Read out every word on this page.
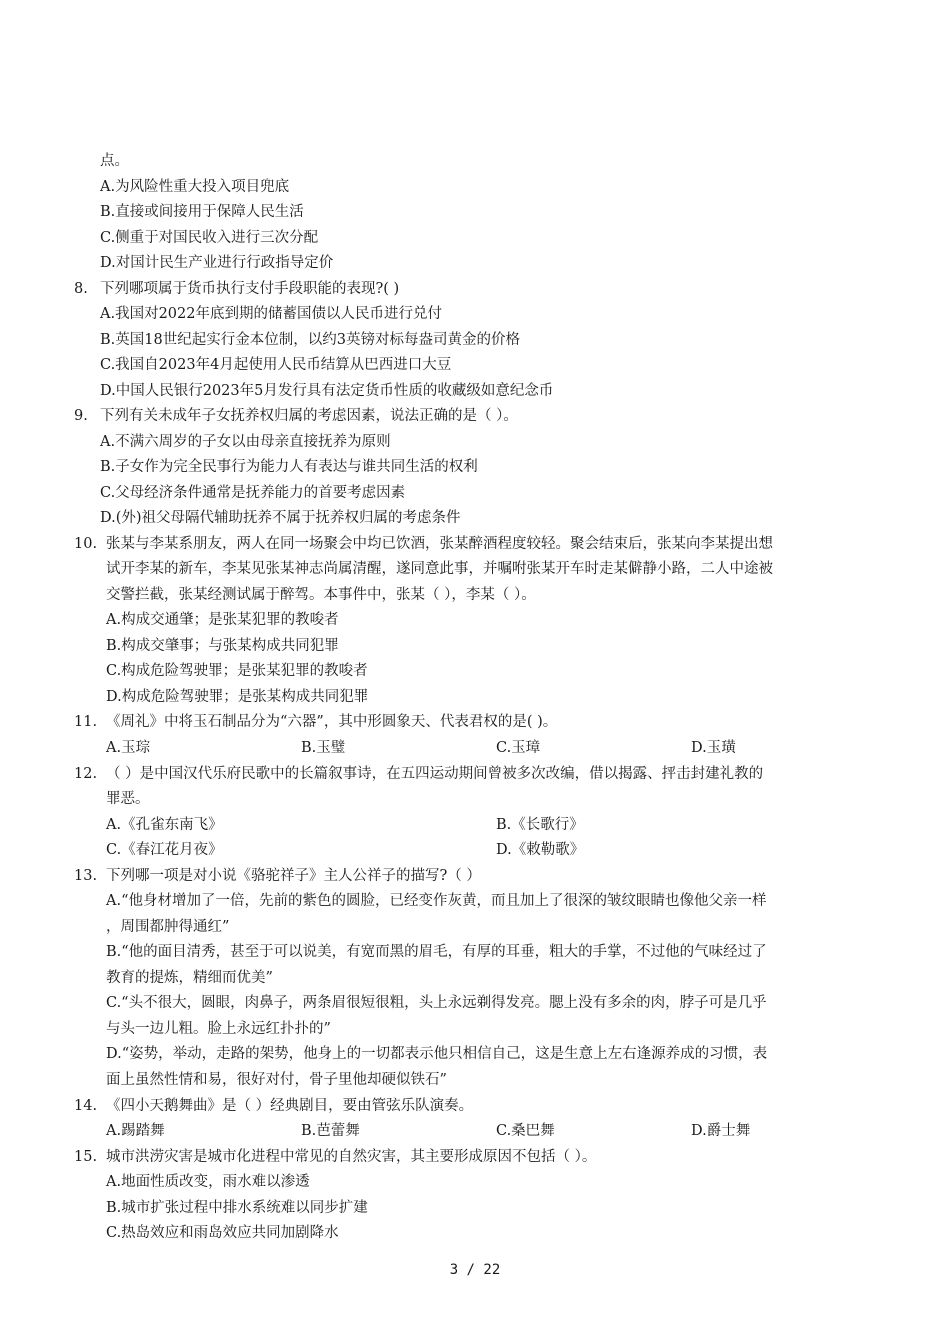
点。
A.为风险性重大投入项目兜底
B.直接或间接用于保障人民生活
C.侧重于对国民收入进行三次分配
D.对国计民生产业进行行政指导定价
8. 下列哪项属于货币执行支付手段职能的表现?( )
A.我国对2022年底到期的储蓄国债以人民币进行兑付
B.英国18世纪起实行金本位制，以约3英镑对标每盎司黄金的价格
C.我国自2023年4月起使用人民币结算从巴西进口大豆
D.中国人民银行2023年5月发行具有法定货币性质的收藏级如意纪念币
9. 下列有关未成年子女抚养权归属的考虑因素，说法正确的是（ ）。
A.不满六周岁的子女以由母亲直接抚养为原则
B.子女作为完全民事行为能力人有表达与谁共同生活的权利
C.父母经济条件通常是抚养能力的首要考虑因素
D.(外)祖父母隔代辅助抚养不属于抚养权归属的考虑条件
10. 张某与李某系朋友，两人在同一场聚会中均已饮酒，张某醉酒程度较轻。聚会结束后，张某向李某提出想
试开李某的新车，李某见张某神志尚属清醒，遂同意此事，并嘱咐张某开车时走某僻静小路，二人中途被
交警拦截，张某经测试属于醉驾。本事件中，张某（ ），李某（ ）。
A.构成交通肇；是张某犯罪的教唆者
B.构成交肇事；与张某构成共同犯罪
C.构成危险驾驶罪；是张某犯罪的教唆者
D.构成危险驾驶罪；是张某构成共同犯罪
11. 《周礼》中将玉石制品分为“六器”，其中形圆象天、代表君权的是( )。
A.玉琮	B.玉璧	C.玉璋	D.玉璜
12. （ ）是中国汉代乐府民歌中的长篇叙事诗，在五四运动期间曾被多次改编，借以揭露、抨击封建礼教的
罪恶。
A.《孔雀东南飞》	B.《长歌行》
C.《春江花月夜》	D.《敕勒歌》
13. 下列哪一项是对小说《骆驼祥子》主人公祥子的描写?（ ）
A.“他身材增加了一倍，先前的紫色的圆脸，已经变作灰黄，而且加上了很深的皱纹眼睛也像他父亲一样
，周围都肿得通红”
B.“他的面目清秀，甚至于可以说美，有宽而黑的眉毛，有厚的耳垂，粗大的手掌，不过他的气味经过了
教育的提炼，精细而优美”
C.“头不很大，圆眼，肉鼻子，两条眉很短很粗，头上永远剃得发亮。腮上没有多余的肉，脖子可是几乎
与头一边儿粗。脸上永远红扑扑的”
D.“姿势，举动，走路的架势，他身上的一切都表示他只相信自己，这是生意上左右逢源养成的习惯，表
面上虽然性情和易，很好对付，骨子里他却硬似铁石”
14. 《四小天鹅舞曲》是（ ）经典剧目，要由管弦乐队演奏。
A.踢踏舞	B.芭蕾舞	C.桑巴舞	D.爵士舞
15. 城市洪涝灾害是城市化进程中常见的自然灾害，其主要形成原因不包括（ ）。
A.地面性质改变，雨水难以渗透
B.城市扩张过程中排水系统难以同步扩建
C.热岛效应和雨岛效应共同加剧降水
3 / 22
